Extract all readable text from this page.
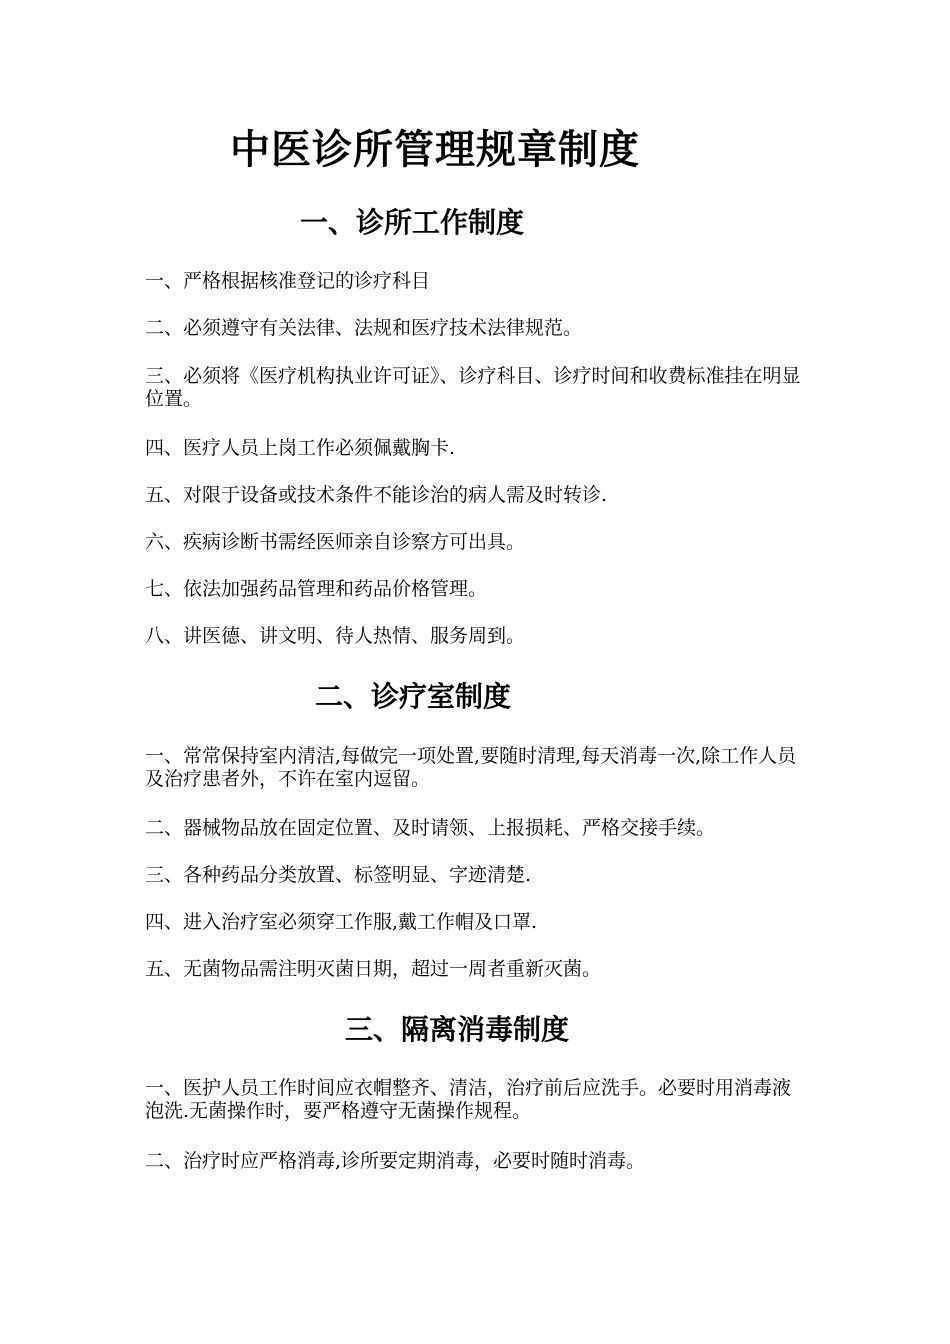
中医诊所管理规章制度
一、诊所工作制度

一、严格根据核准登记的诊疗科目

二、必须遵守有关法律、法规和医疗技术法律规范。

三、必须将《医疗机构执业许可证》、诊疗科目、诊疗时间和收费标准挂在明显位置。

四、医疗人员上岗工作必须佩戴胸卡.

五、对限于设备或技术条件不能诊治的病人需及时转诊.

六、疾病诊断书需经医师亲自诊察方可出具。

七、依法加强药品管理和药品价格管理。

八、讲医德、讲文明、待人热情、服务周到。

二、诊疗室制度

一、常常保持室内清洁,每做完一项处置,要随时清理,每天消毒一次,除工作人员及治疗患者外，不许在室内逗留。

二、器械物品放在固定位置、及时请领、上报损耗、严格交接手续。

三、各种药品分类放置、标签明显、字迹清楚.

四、进入治疗室必须穿工作服,戴工作帽及口罩.

五、无菌物品需注明灭菌日期，超过一周者重新灭菌。

三、隔离消毒制度

一、医护人员工作时间应衣帽整齐、清洁，治疗前后应洗手。必要时用消毒液泡洗.无菌操作时，要严格遵守无菌操作规程。

二、治疗时应严格消毒,诊所要定期消毒，必要时随时消毒。
